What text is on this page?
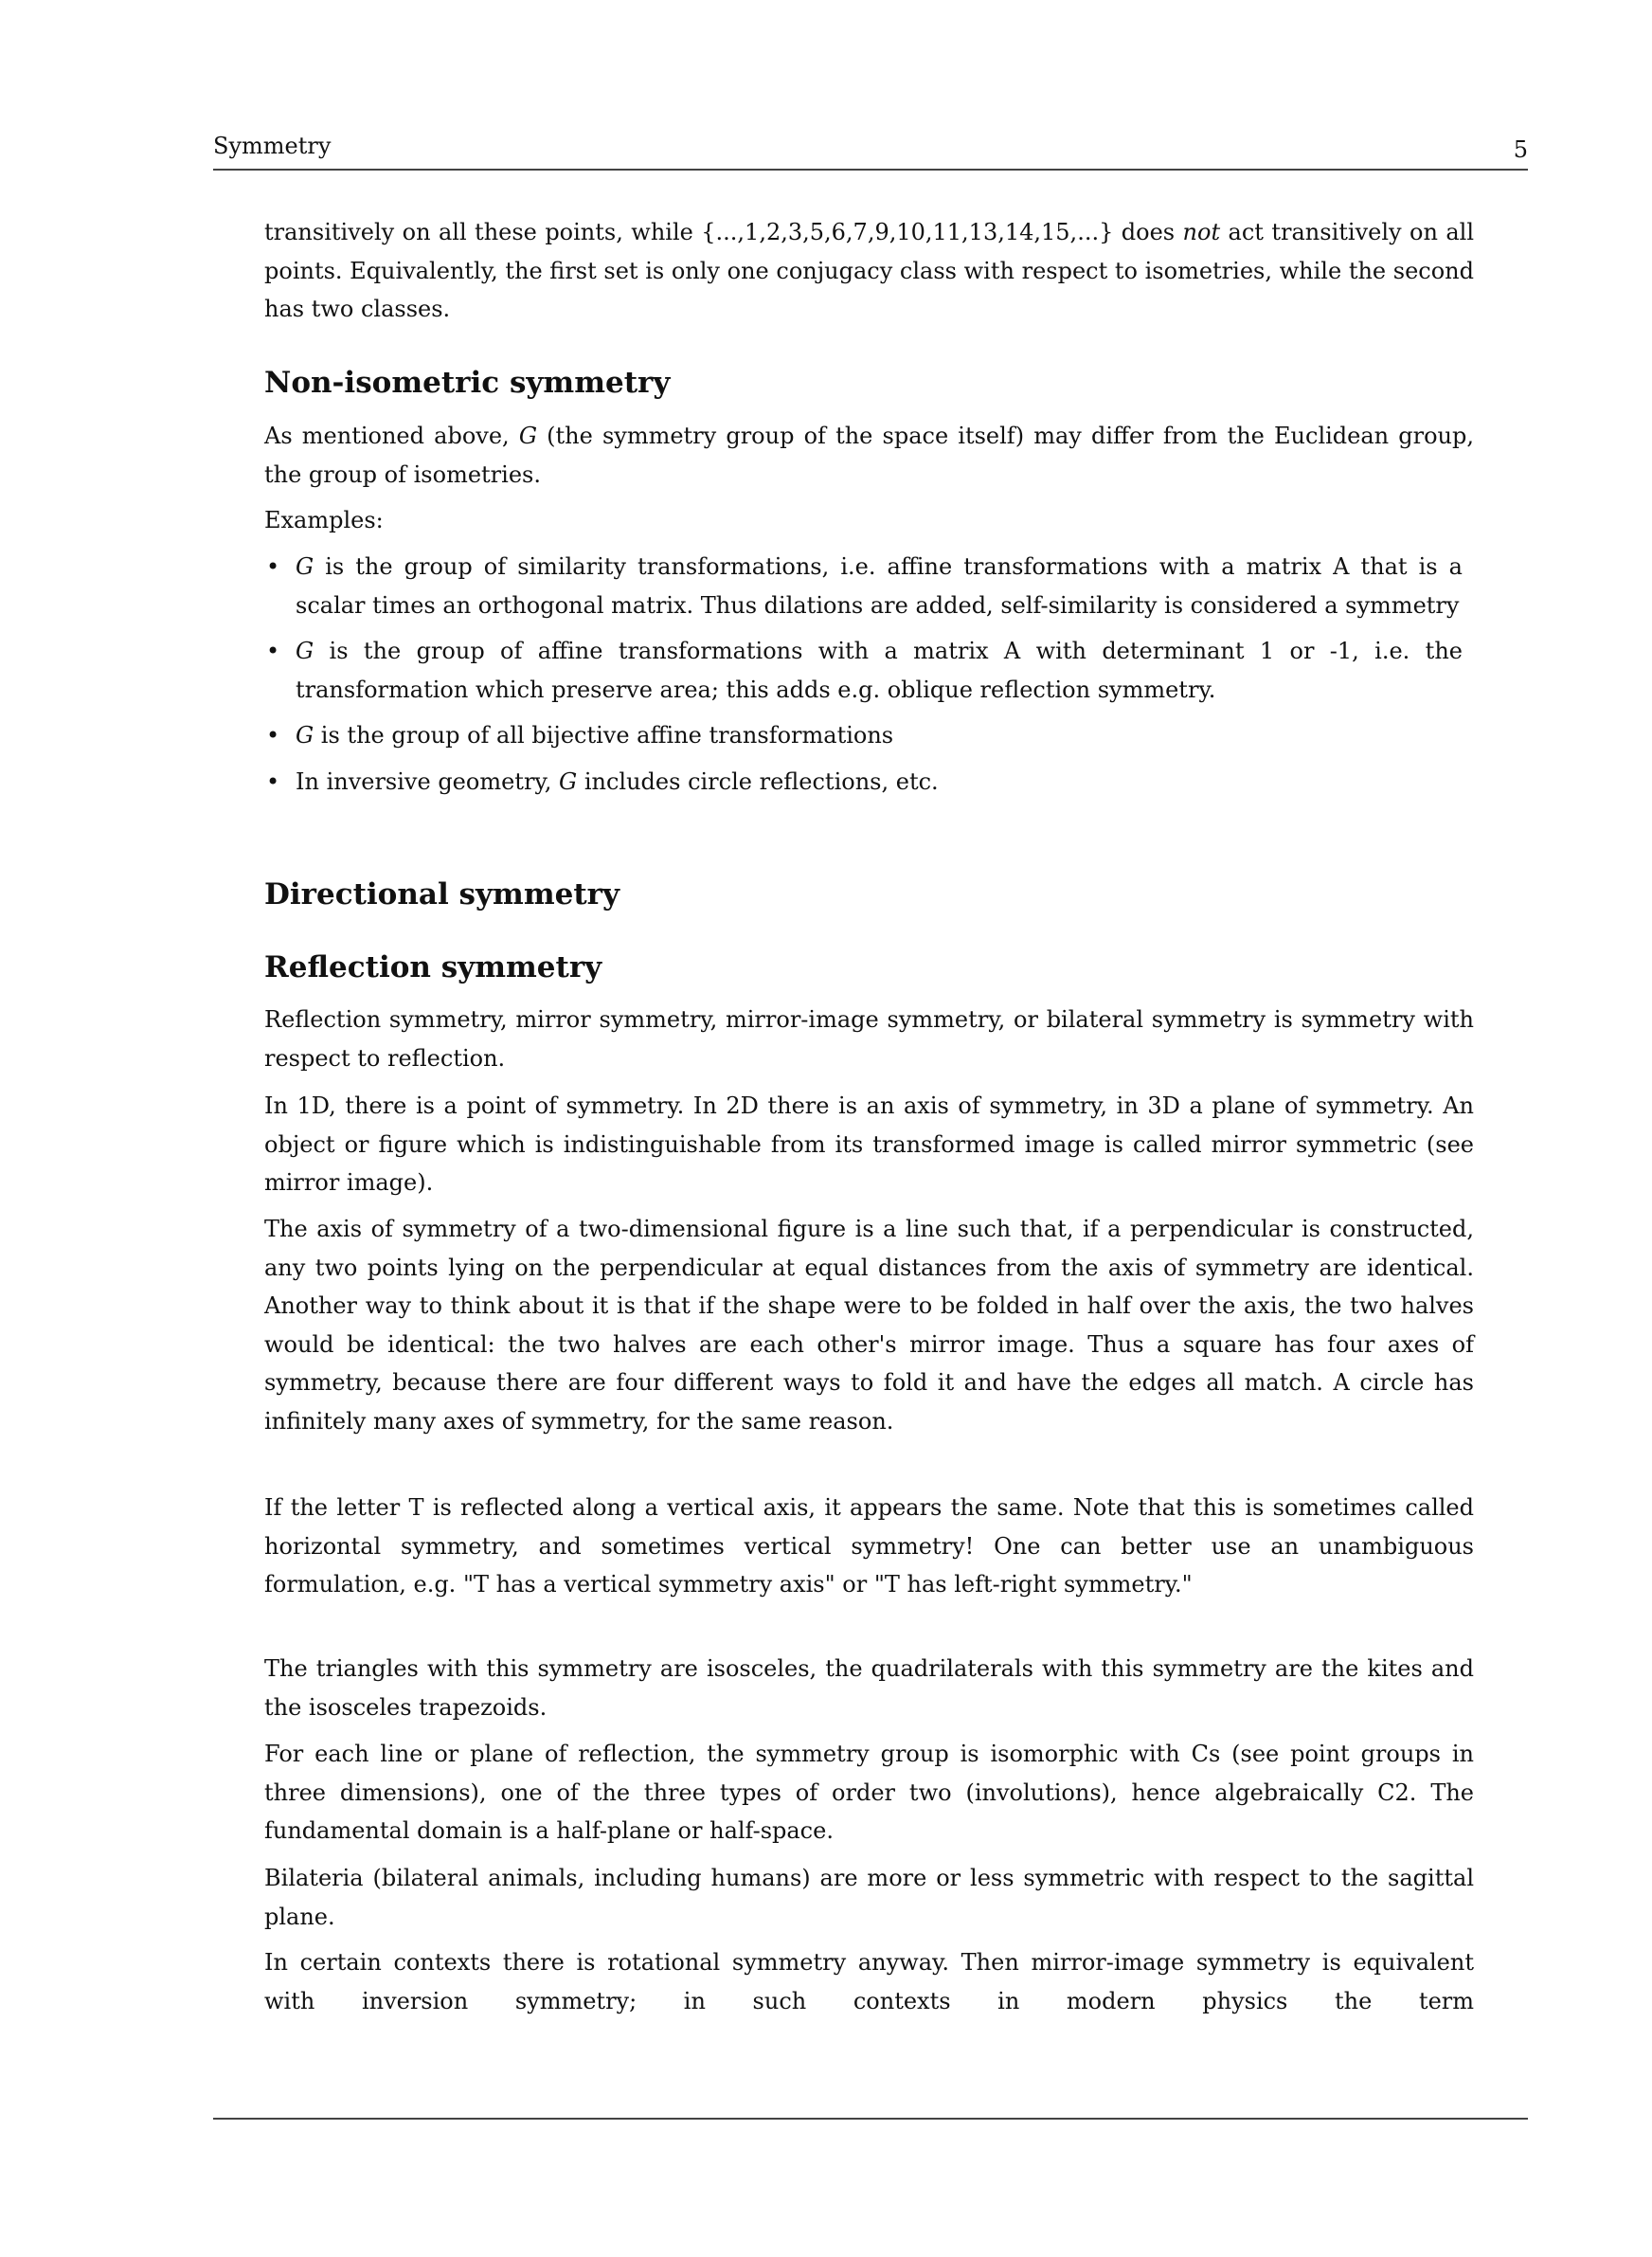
Symmetry	5
transitively on all these points, while {...,1,2,3,5,6,7,9,10,11,13,14,15,...} does not act transitively on all points. Equivalently, the first set is only one conjugacy class with respect to isometries, while the second has two classes.
Non-isometric symmetry
As mentioned above, G (the symmetry group of the space itself) may differ from the Euclidean group, the group of isometries.
Examples:
• G is the group of similarity transformations, i.e. affine transformations with a matrix A that is a scalar times an orthogonal matrix. Thus dilations are added, self-similarity is considered a symmetry
• G is the group of affine transformations with a matrix A with determinant 1 or -1, i.e. the transformation which preserve area; this adds e.g. oblique reflection symmetry.
• G is the group of all bijective affine transformations
• In inversive geometry, G includes circle reflections, etc.
Directional symmetry
Reflection symmetry
Reflection symmetry, mirror symmetry, mirror-image symmetry, or bilateral symmetry is symmetry with respect to reflection.
In 1D, there is a point of symmetry. In 2D there is an axis of symmetry, in 3D a plane of symmetry. An object or figure which is indistinguishable from its transformed image is called mirror symmetric (see mirror image).
The axis of symmetry of a two-dimensional figure is a line such that, if a perpendicular is constructed, any two points lying on the perpendicular at equal distances from the axis of symmetry are identical. Another way to think about it is that if the shape were to be folded in half over the axis, the two halves would be identical: the two halves are each other's mirror image. Thus a square has four axes of symmetry, because there are four different ways to fold it and have the edges all match. A circle has infinitely many axes of symmetry, for the same reason.
If the letter T is reflected along a vertical axis, it appears the same. Note that this is sometimes called horizontal symmetry, and sometimes vertical symmetry! One can better use an unambiguous formulation, e.g. "T has a vertical symmetry axis" or "T has left-right symmetry."
The triangles with this symmetry are isosceles, the quadrilaterals with this symmetry are the kites and the isosceles trapezoids.
For each line or plane of reflection, the symmetry group is isomorphic with Cs (see point groups in three dimensions), one of the three types of order two (involutions), hence algebraically C2. The fundamental domain is a half-plane or half-space.
Bilateria (bilateral animals, including humans) are more or less symmetric with respect to the sagittal plane.
In certain contexts there is rotational symmetry anyway. Then mirror-image symmetry is equivalent with inversion symmetry; in such contexts in modern physics the term
